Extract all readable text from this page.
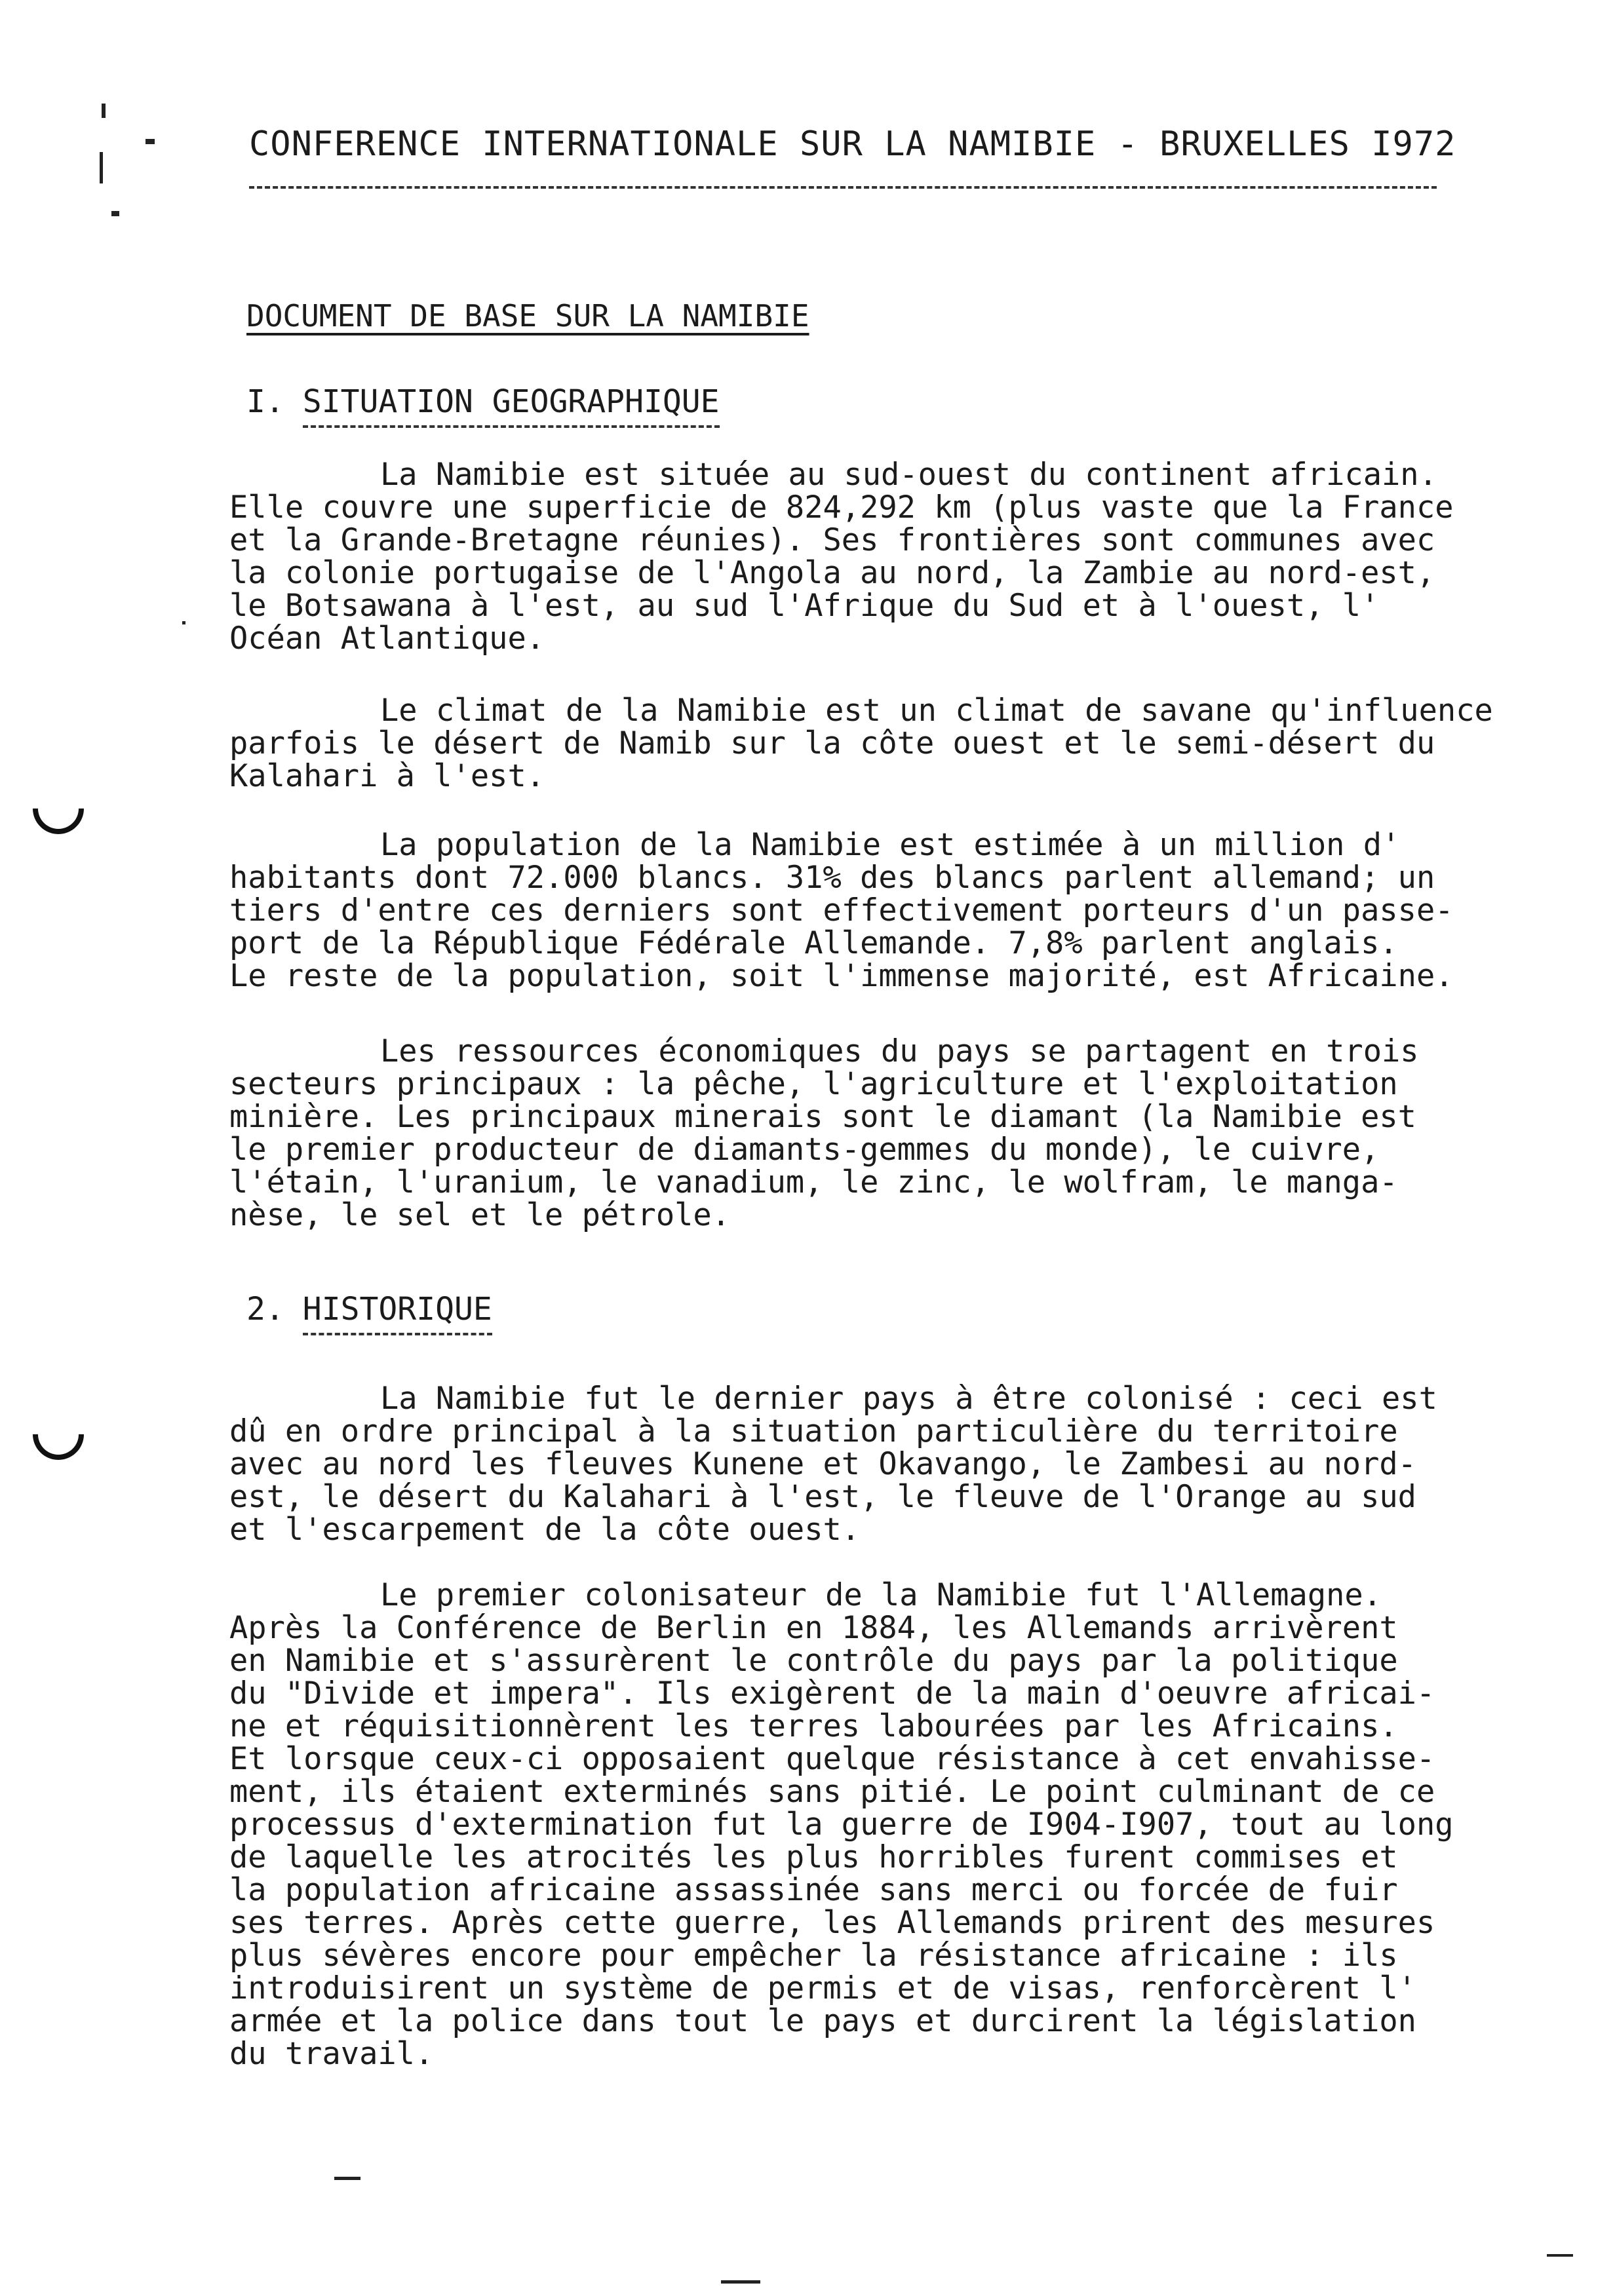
CONFERENCE INTERNATIONALE SUR LA NAMIBIE - BRUXELLES I972
DOCUMENT DE BASE SUR LA NAMIBIE
I. SITUATION GEOGRAPHIQUE
La Namibie est située au sud-ouest du continent africain.
Elle couvre une superficie de 824,292 km (plus vaste que la France
et la Grande-Bretagne réunies). Ses frontières sont communes avec
la colonie portugaise de l'Angola au nord, la Zambie au nord-est,
le Botsawana à l'est, au sud l'Afrique du Sud et à l'ouest, l'
Océan Atlantique.
Le climat de la Namibie est un climat de savane qu'influence
parfois le désert de Namib sur la côte ouest et le semi-désert du
Kalahari à l'est.
La population de la Namibie est estimée à un million d'
habitants dont 72.000 blancs. 31% des blancs parlent allemand; un
tiers d'entre ces derniers sont effectivement porteurs d'un passe-
port de la République Fédérale Allemande. 7,8% parlent anglais.
Le reste de la population, soit l'immense majorité, est Africaine.
Les ressources économiques du pays se partagent en trois
secteurs principaux : la pêche, l'agriculture et l'exploitation
minière. Les principaux minerais sont le diamant (la Namibie est
le premier producteur de diamants-gemmes du monde), le cuivre,
l'étain, l'uranium, le vanadium, le zinc, le wolfram, le manga-
nèse, le sel et le pétrole.
2. HISTORIQUE
La Namibie fut le dernier pays à être colonisé : ceci est
dû en ordre principal à la situation particulière du territoire
avec au nord les fleuves Kunene et Okavango, le Zambesi au nord-
est, le désert du Kalahari à l'est, le fleuve de l'Orange au sud
et l'escarpement de la côte ouest.
Le premier colonisateur de la Namibie fut l'Allemagne.
Après la Conférence de Berlin en 1884, les Allemands arrivèrent
en Namibie et s'assurèrent le contrôle du pays par la politique
du "Divide et impera". Ils exigèrent de la main d'oeuvre africai-
ne et réquisitionnèrent les terres labourées par les Africains.
Et lorsque ceux-ci opposaient quelque résistance à cet envahisse-
ment, ils étaient exterminés sans pitié. Le point culminant de ce
processus d'extermination fut la guerre de I904-I907, tout au long
de laquelle les atrocités les plus horribles furent commises et
la population africaine assassinée sans merci ou forcée de fuir
ses terres. Après cette guerre, les Allemands prirent des mesures
plus sévères encore pour empêcher la résistance africaine : ils
introduisirent un système de permis et de visas, renforcèrent l'
armée et la police dans tout le pays et durcirent la législation
du travail.
